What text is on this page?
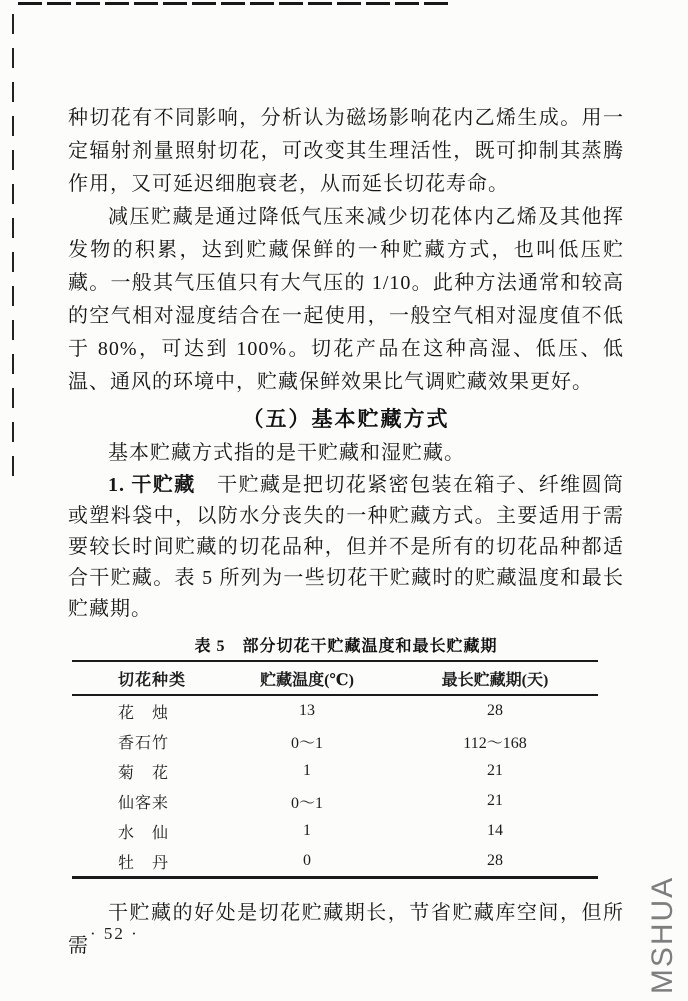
种切花有不同影响，分析认为磁场影响花内乙烯生成。用一定辐射剂量照射切花，可改变其生理活性，既可抑制其蒸腾作用，又可延迟细胞衰老，从而延长切花寿命。

减压贮藏是通过降低气压来减少切花体内乙烯及其他挥发物的积累，达到贮藏保鲜的一种贮藏方式，也叫低压贮藏。一般其气压值只有大气压的 1/10。此种方法通常和较高的空气相对湿度结合在一起使用，一般空气相对湿度值不低于 80%，可达到 100%。切花产品在这种高湿、低压、低温、通风的环境中，贮藏保鲜效果比气调贮藏效果更好。

（五）基本贮藏方式

基本贮藏方式指的是干贮藏和湿贮藏。

1. 干贮藏　干贮藏是把切花紧密包装在箱子、纤维圆筒或塑料袋中，以防水分丧失的一种贮藏方式。主要适用于需要较长时间贮藏的切花品种，但并不是所有的切花品种都适合干贮藏。表 5 所列为一些切花干贮藏时的贮藏温度和最长贮藏期。

表 5　部分切花干贮藏温度和最长贮藏期
切花种类	贮藏温度(℃)	最长贮藏期(天)
花　烛	13	28
香石竹	0～1	112～168
菊　花	1	21
仙客来	0～1	21
水　仙	1	14
牡　丹	0	28

干贮藏的好处是切花贮藏期长，节省贮藏库空间，但所需

· 52 ·	MSHUA
